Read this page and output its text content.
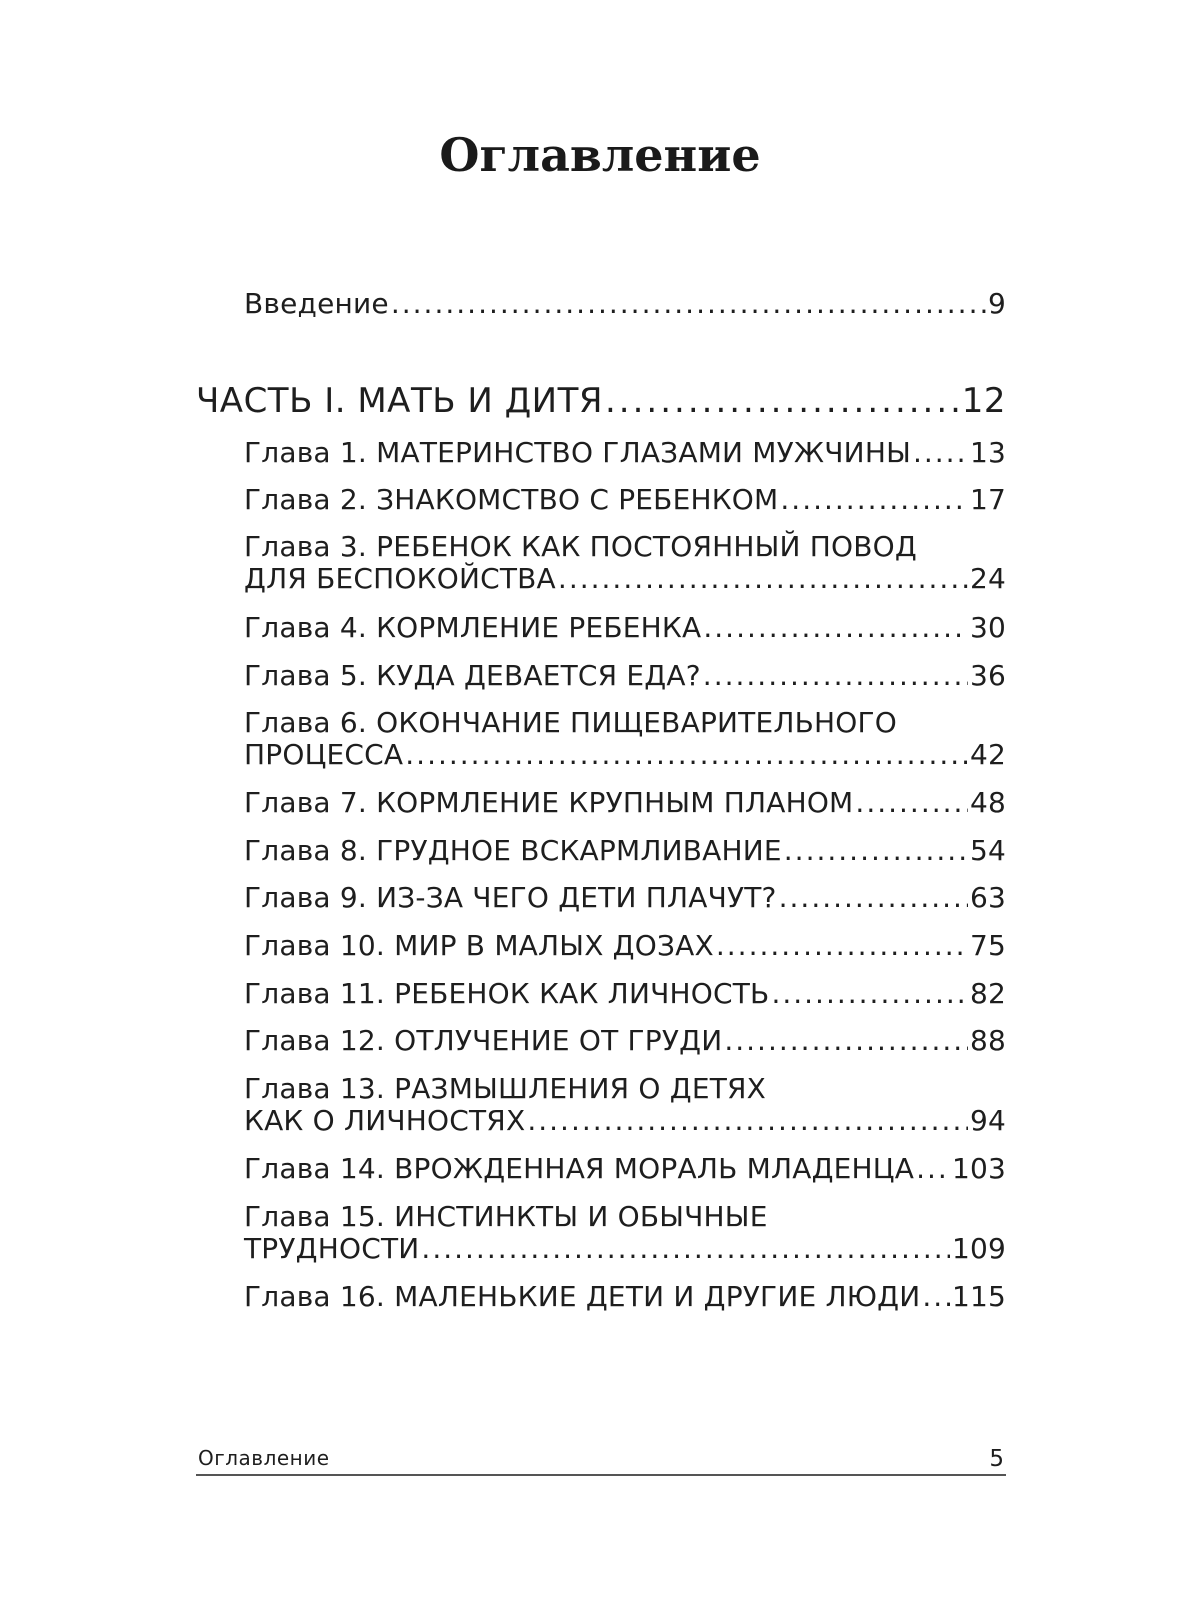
Оглавление
Введение .....	9
ЧАСТЬ I. МАТЬ И ДИТЯ .....	12
Глава 1. МАТЕРИНСТВО ГЛАЗАМИ МУЖЧИНЫ ..... 13
Глава 2. ЗНАКОМСТВО С РЕБЕНКОМ .....	17
Глава 3. РЕБЕНОК КАК ПОСТОЯННЫЙ ПОВОД
ДЛЯ БЕСПОКОЙСТВА .....	24
Глава 4. КОРМЛЕНИЕ РЕБЕНКА .....	30
Глава 5. КУДА ДЕВАЕТСЯ ЕДА? .....	36
Глава 6. ОКОНЧАНИЕ ПИЩЕВАРИТЕЛЬНОГО
ПРОЦЕССА .....	42
Глава 7. КОРМЛЕНИЕ КРУПНЫМ ПЛАНОМ .....	48
Глава 8. ГРУДНОЕ ВСКАРМЛИВАНИЕ .....	54
Глава 9. ИЗ-ЗА ЧЕГО ДЕТИ ПЛАЧУТ? .....	63
Глава 10. МИР В МАЛЫХ ДОЗАХ .....	75
Глава 11. РЕБЕНОК КАК ЛИЧНОСТЬ .....	82
Глава 12. ОТЛУЧЕНИЕ ОТ ГРУДИ .....	88
Глава 13. РАЗМЫШЛЕНИЯ О ДЕТЯХ
КАК О ЛИЧНОСТЯХ .....	94
Глава 14. ВРОЖДЕННАЯ МОРАЛЬ МЛАДЕНЦА ..... 103
Глава 15. ИНСТИНКТЫ И ОБЫЧНЫЕ
ТРУДНОСТИ .....	109
Глава 16. МАЛЕНЬКИЕ ДЕТИ И ДРУГИЕ ЛЮДИ ..... 115
Оглавление	5
